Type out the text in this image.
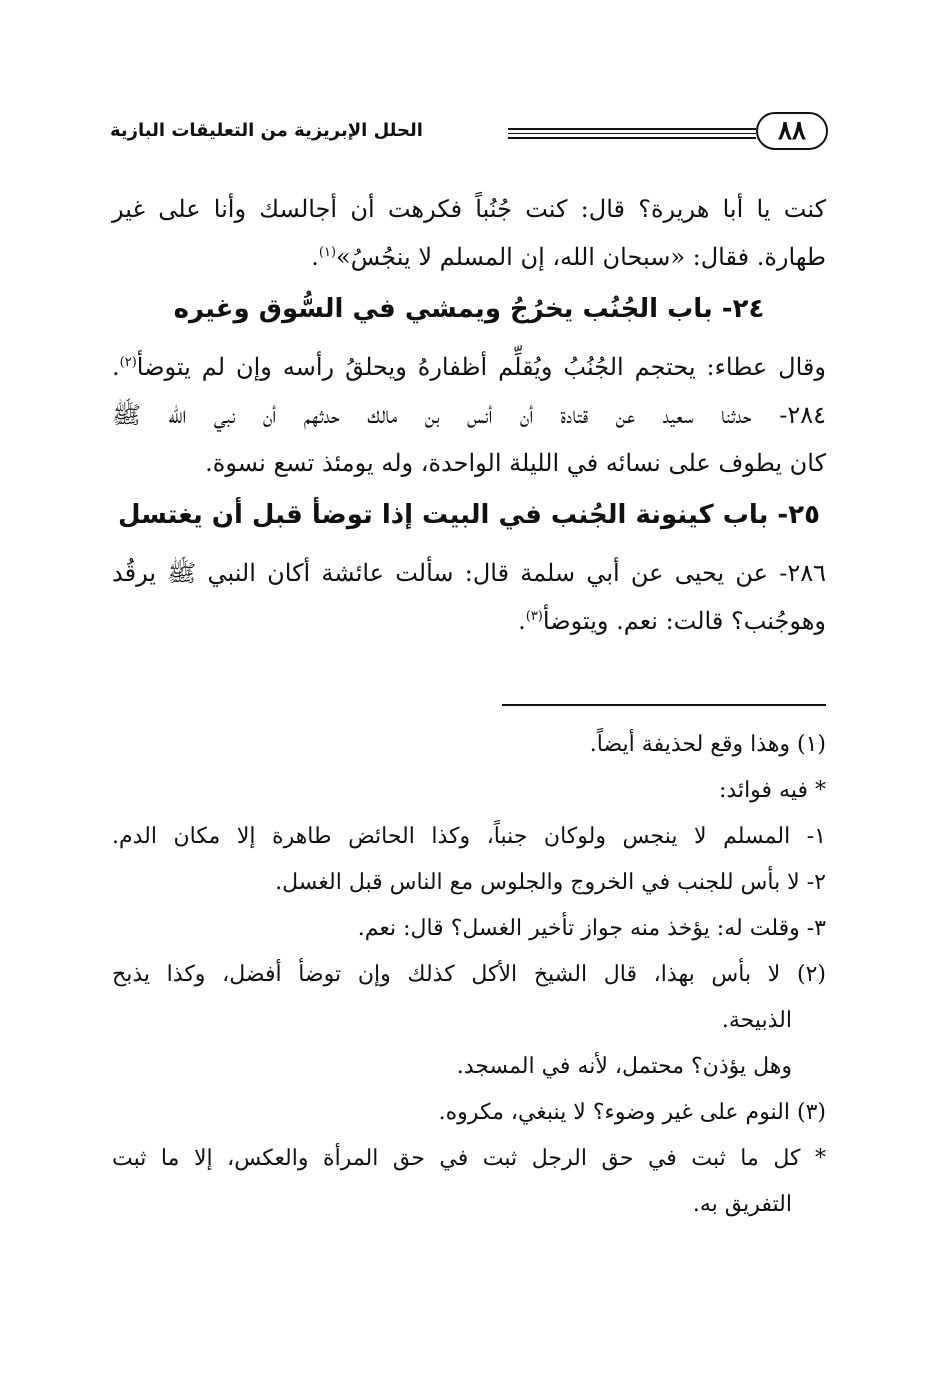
٨٨
الحلل الإبريزية من التعليقات البازية
كنت يا أبا هريرة؟ قال: كنت جُنُباً فكرهت أن أجالسك وأنا على غير
طهارة. فقال: «سبحان الله، إن المسلم لا ينجُسُ»$^{(١)}$.
٢٤- باب الجُنُب يخرُجُ ويمشي في السُّوق وغيره
وقال عطاء: يحتجم الجُنُبُ ويُقلِّم أظفارهُ ويحلقُ رأسه وإن لم يتوضأ$^{(٢)}$.
٢٨٤- حدثنا سعيد عن قتادة أن أنس بن مالك حدثهم أن نبي الله ﷺ
كان يطوف على نسائه في الليلة الواحدة، وله يومئذ تسع نسوة.
٢٥- باب كينونة الجُنب في البيت إذا توضأ قبل أن يغتسل
٢٨٦- عن يحيى عن أبي سلمة قال: سألت عائشة أكان النبي ﷺ يرقُد
وهوجُنب؟ قالت: نعم. ويتوضأ$^{(٣)}$.
(١) وهذا وقع لحذيفة أيضاً.
* فيه فوائد:
١- المسلم لا ينجس ولوكان جنباً، وكذا الحائض طاهرة إلا مكان الدم.
٢- لا بأس للجنب في الخروج والجلوس مع الناس قبل الغسل.
٣- وقلت له: يؤخذ منه جواز تأخير الغسل؟ قال: نعم.
(٢) لا بأس بهذا، قال الشيخ الأكل كذلك وإن توضأ أفضل، وكذا يذبح
الذبيحة.
وهل يؤذن؟ محتمل، لأنه في المسجد.
(٣) النوم على غير وضوء؟ لا ينبغي، مكروه.
* كل ما ثبت في حق الرجل ثبت في حق المرأة والعكس، إلا ما ثبت
التفريق به.
